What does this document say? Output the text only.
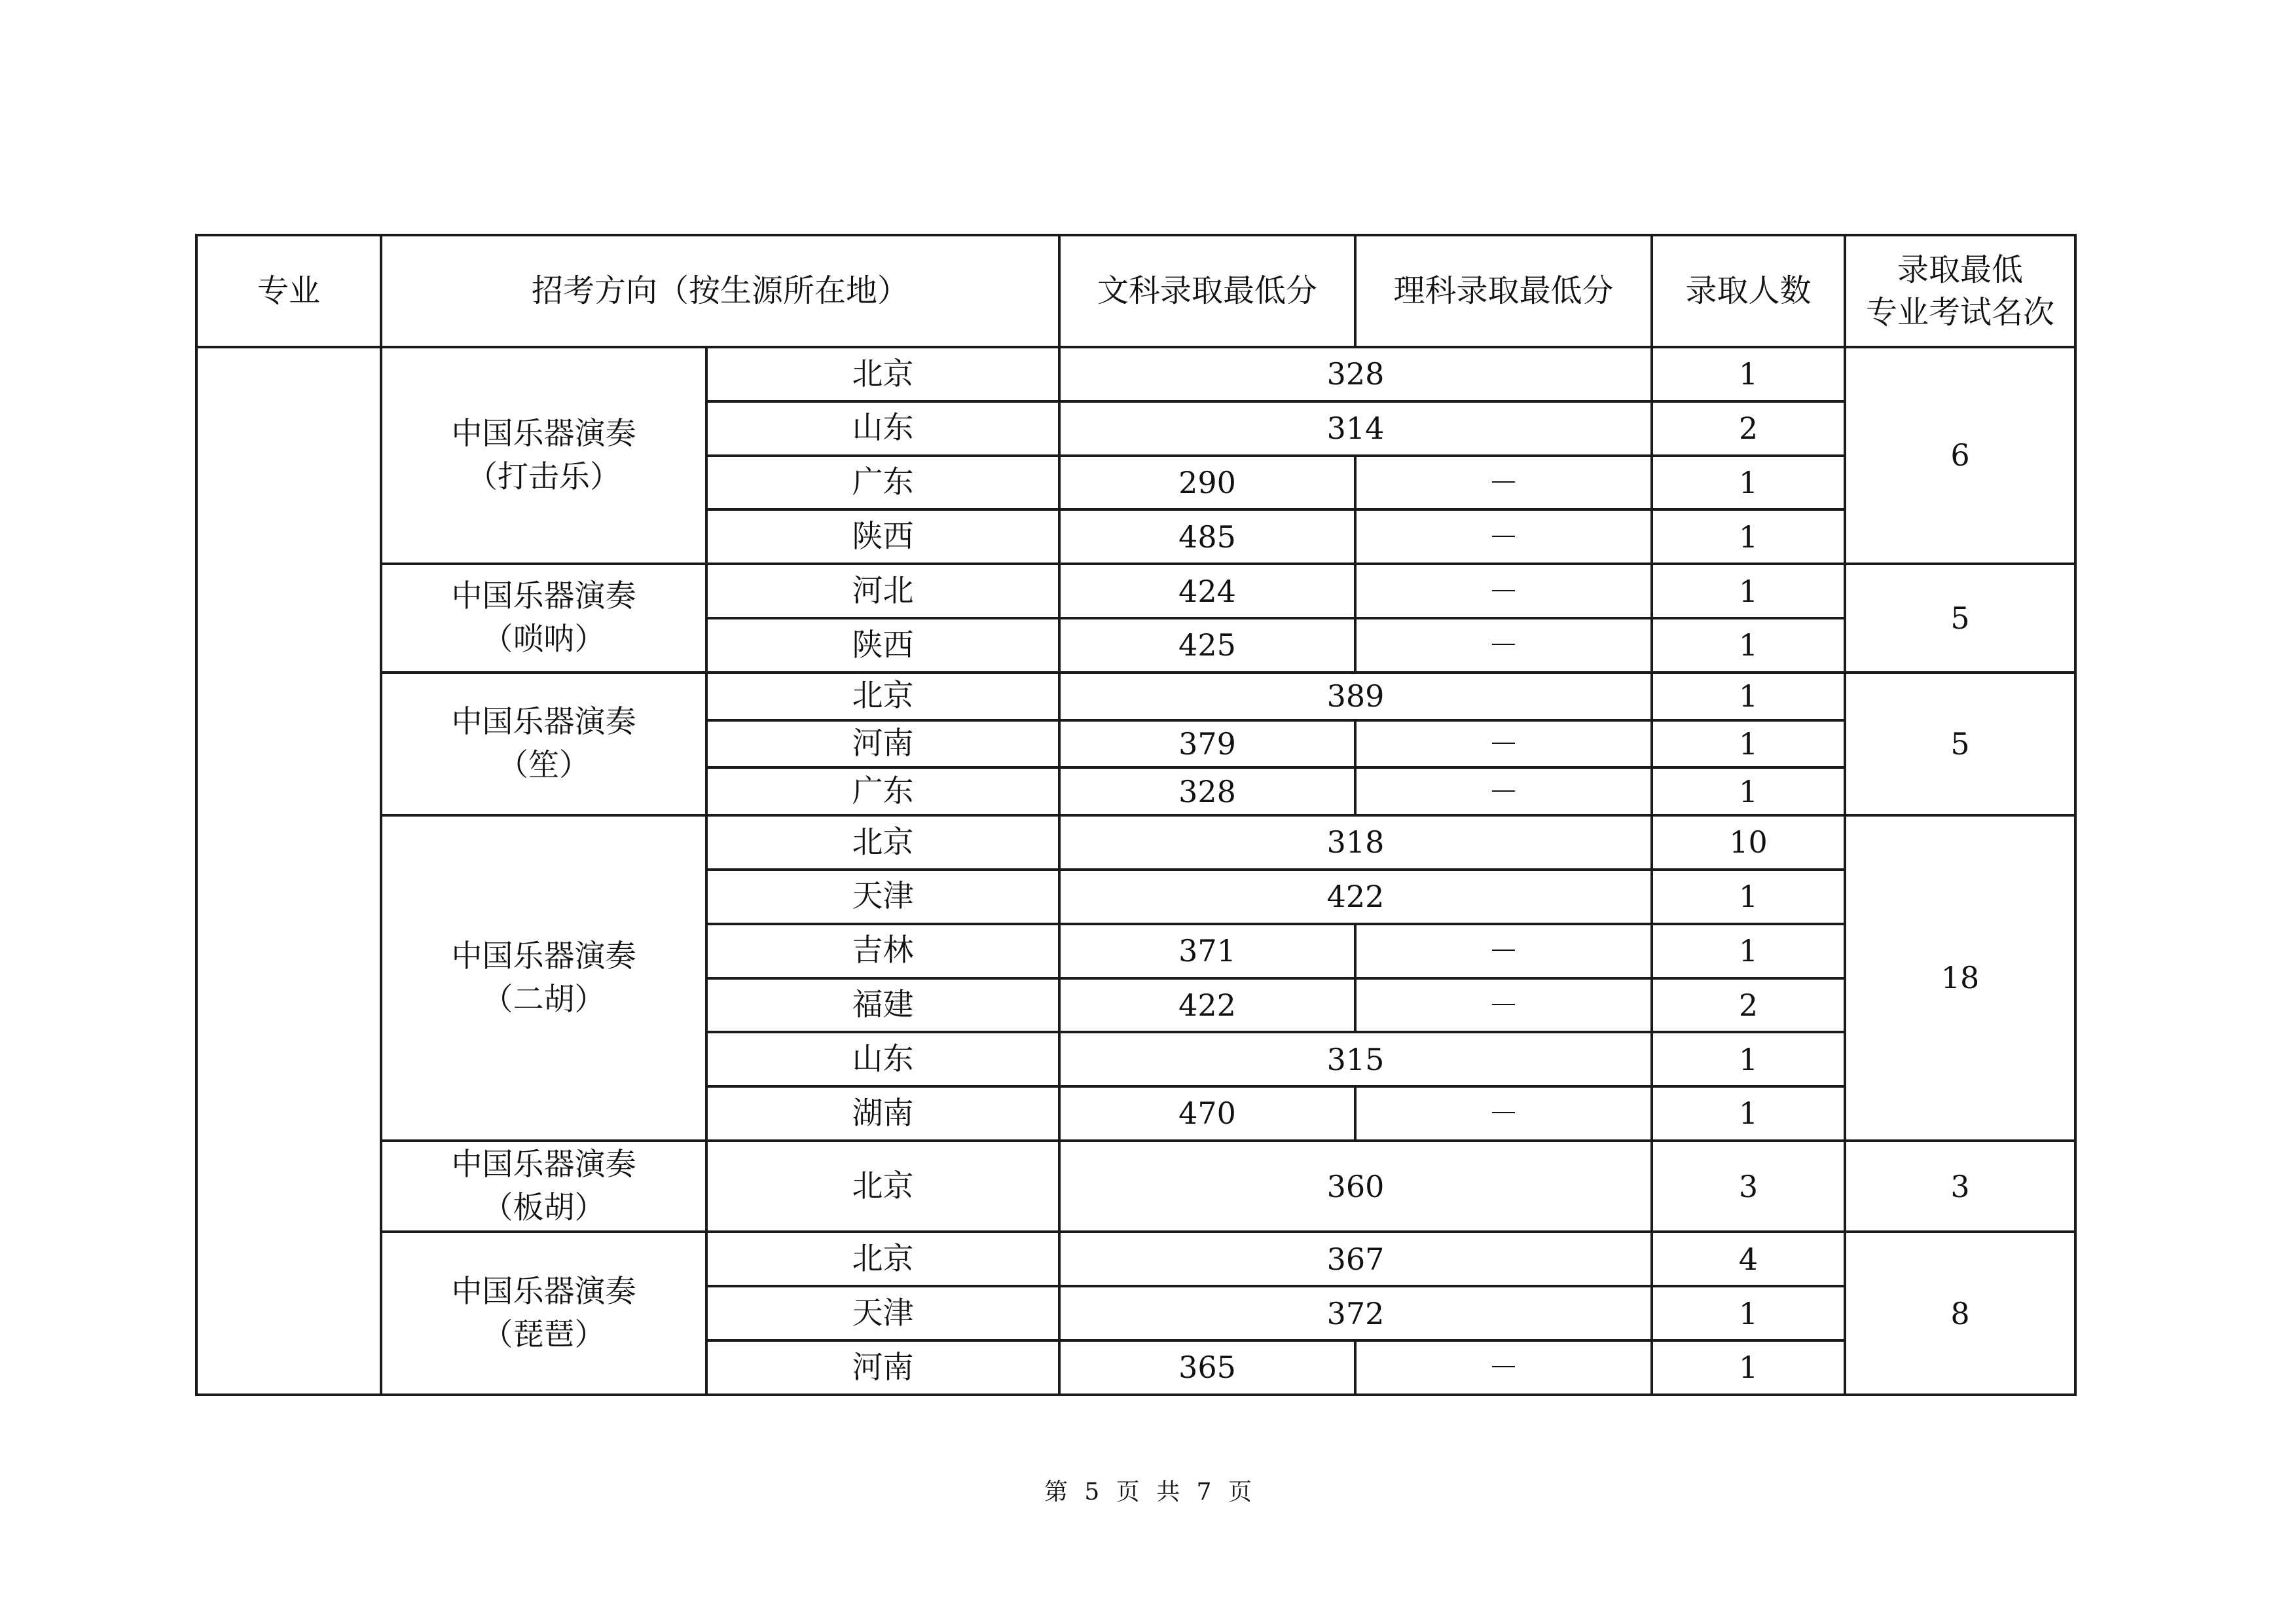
专业	招考方向（按生源所在地）		文科录取最低分	理科录取最低分	录取人数	录取最低
专业考试名次

	中国乐器演奏
（打击乐）	北京	328		1	6
		山东	314		2	
		广东	290	－	1	
		陕西	485	－	1	

	中国乐器演奏
（唢呐）	河北	424	－	1	5
		陕西	425	－	1	

	中国乐器演奏
（笙）	北京	389		1	5
		河南	379	－	1	
		广东	328	－	1	

	中国乐器演奏
（二胡）	北京	318		10	18
		天津	422		1	
		吉林	371	－	1	
		福建	422	－	2	
		山东	315		1	
		湖南	470	－	1	

	中国乐器演奏
（板胡）	北京	360		3	3

	中国乐器演奏
（琵琶）	北京	367		4	8
		天津	372		1	
		河南	365	－	1	
第 5 页 共 7 页
